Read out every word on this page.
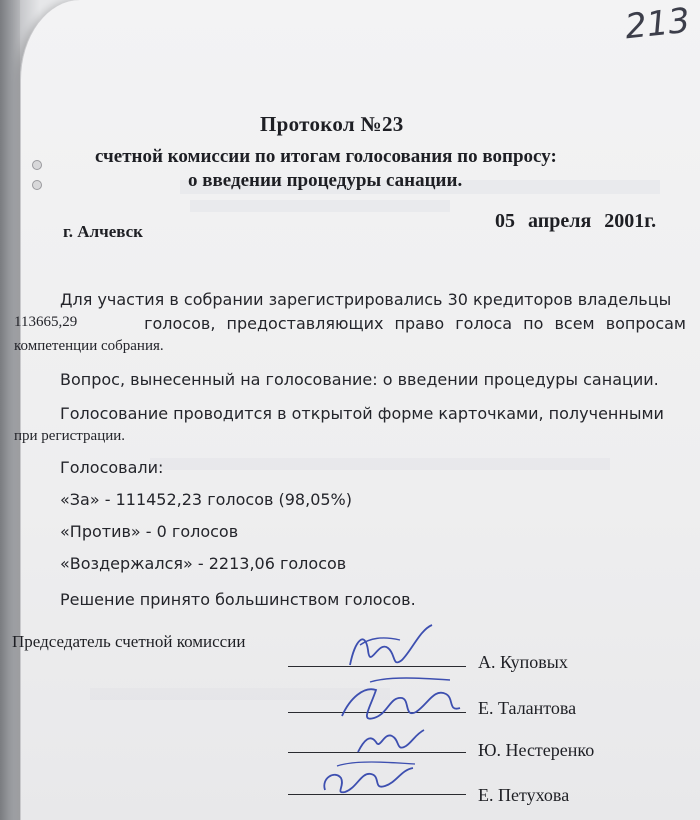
213
Протокол №23
счетной комиссии по итогам голосования по вопросу:
о введении процедуры санации.
г. Алчевск	05 апреля 2001г.
Для участия в собрании зарегистрировались 30 кредиторов владельцы
113665,29	голосов, предоставляющих право голоса по всем вопросам
компетенции собрания.
Вопрос, вынесенный на голосование: о введении процедуры санации.
Голосование проводится в открытой форме карточками, полученными
при регистрации.
Голосовали:
«За» - 111452,23 голосов (98,05%)
«Против» - 0 голосов
«Воздержался» - 2213,06 голосов
Решение принято большинством голосов.
Председатель счетной комиссии
А. Куповых
Е. Талантова
Ю. Нестеренко
Е. Петухова
